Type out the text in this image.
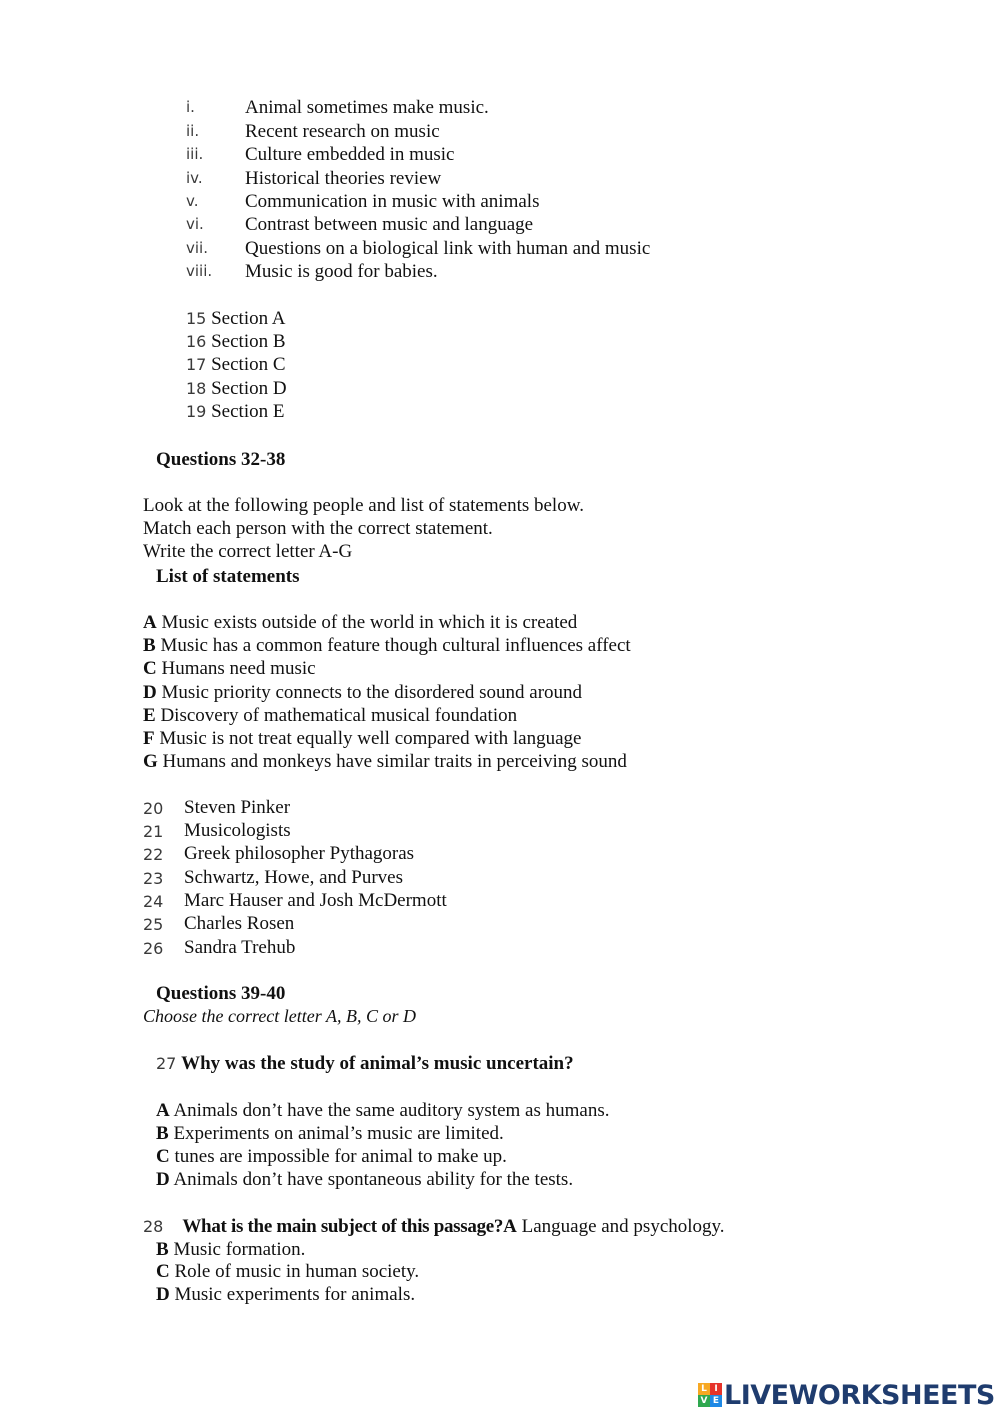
i.	Animal sometimes make music.
ii. Recent research on music
iii. Culture embedded in music
iv. Historical theories review
v. Communication in music with animals
vi. Contrast between music and language
vii. Questions on a biological link with human and music
viii. Music is good for babies.
15 Section A
16 Section B
17 Section C
18 Section D
19 Section E
Questions 32-38
Look at the following people and list of statements below.
Match each person with the correct statement.
Write the correct letter A-G
List of statements
A Music exists outside of the world in which it is created
B Music has a common feature though cultural influences affect
C Humans need music
D Music priority connects to the disordered sound around
E Discovery of mathematical musical foundation
F Music is not treat equally well compared with language
G Humans and monkeys have similar traits in perceiving sound
20 Steven Pinker
21 Musicologists
22 Greek philosopher Pythagoras
23 Schwartz, Howe, and Purves
24 Marc Hauser and Josh McDermott
25 Charles Rosen
26 Sandra Trehub
Questions 39-40
Choose the correct letter A, B, C or D
27 Why was the study of animal’s music uncertain?
A Animals don’t have the same auditory system as humans.
B Experiments on animal’s music are limited.
C tunes are impossible for animal to make up.
D Animals don’t have spontaneous ability for the tests.
28 What is the main subject of this passage?A Language and psychology.
B Music formation.
C Role of music in human society.
D Music experiments for animals.
L I
V E LIVEWORKSHEETS
